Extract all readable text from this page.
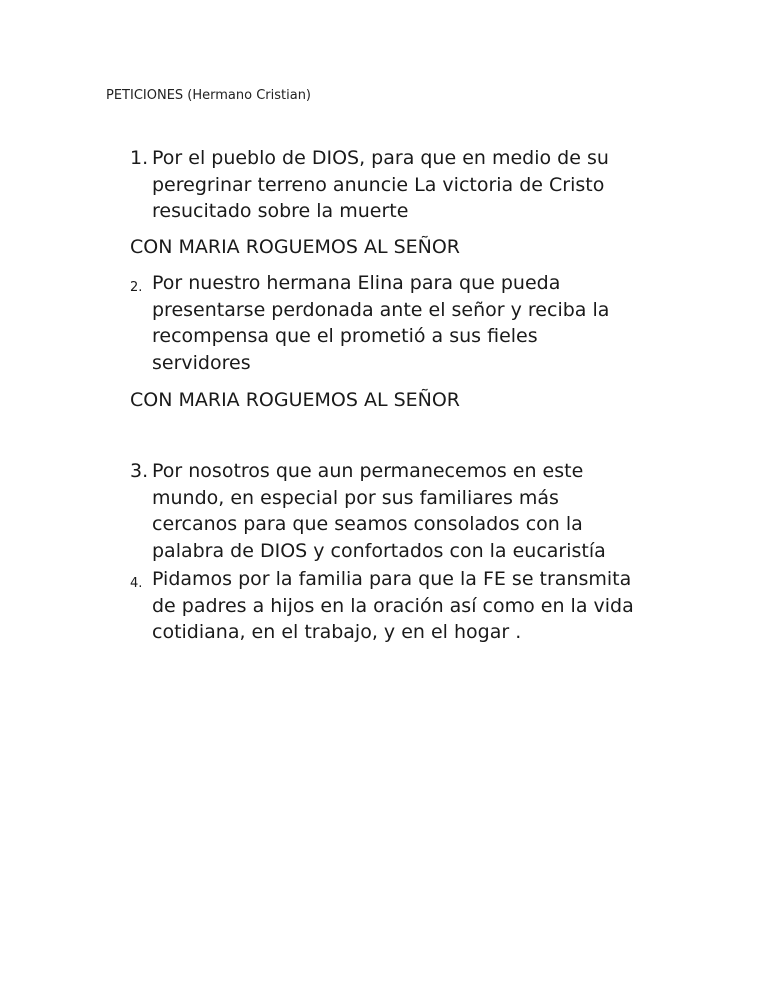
PETICIONES (Hermano Cristian)
1. Por el pueblo de DIOS, para que en medio de su
peregrinar terreno anuncie La victoria de Cristo
resucitado sobre la muerte
CON MARIA ROGUEMOS AL SEÑOR
2. Por nuestro hermana Elina para que pueda
presentarse perdonada ante el señor y reciba la
recompensa que el prometió a sus fieles
servidores
CON MARIA ROGUEMOS AL SEÑOR
3. Por nosotros que aun permanecemos en este
mundo, en especial por sus familiares más
cercanos para que seamos consolados con la
palabra de DIOS y confortados con la eucaristía
4. Pidamos por la familia para que la FE se transmita
de padres a hijos en la oración así como en la vida
cotidiana, en el trabajo, y en el hogar .
